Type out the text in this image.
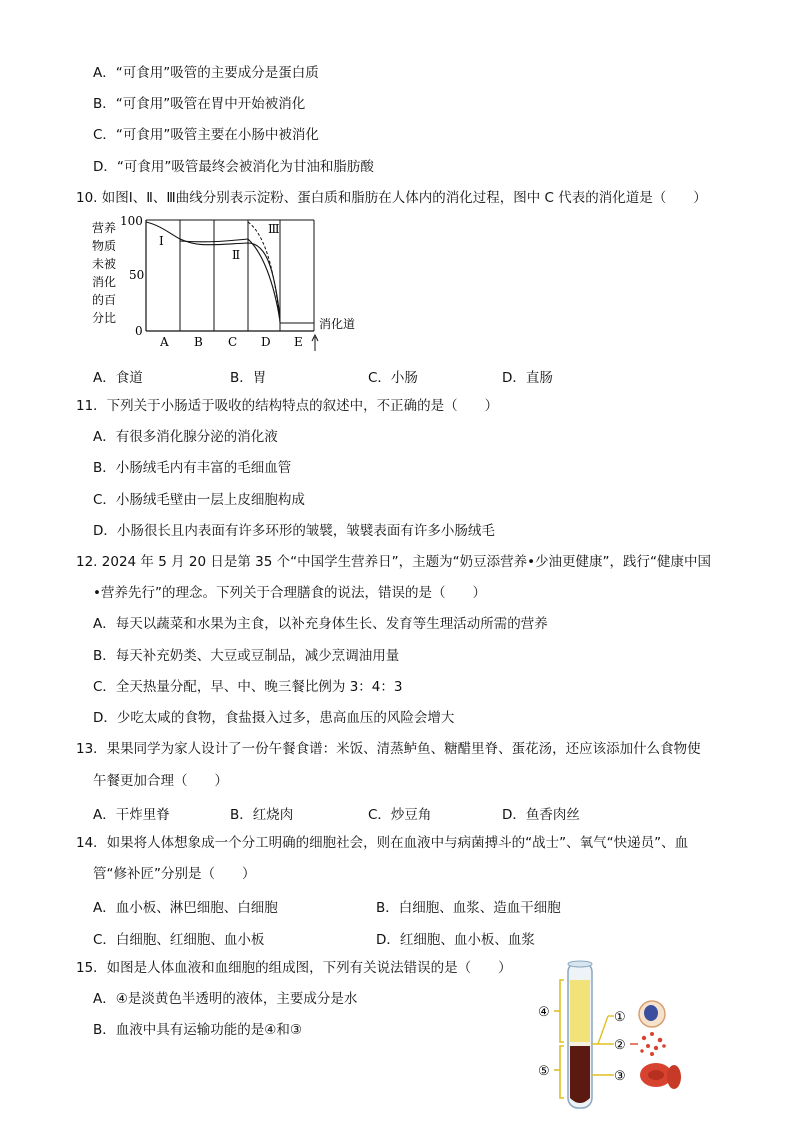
A．“可食用”吸管的主要成分是蛋白质
B．“可食用”吸管在胃中开始被消化
C．“可食用”吸管主要在小肠中被消化
D．“可食用”吸管最终会被消化为甘油和脂肪酸
10. 如图Ⅰ、Ⅱ、Ⅲ曲线分别表示淀粉、蛋白质和脂肪在人体内的消化过程，图中 C 代表的消化道是（　　）
营养
物质
未被
消化
的百
分比
100
50
0
I
Ⅱ
Ⅲ
A B C D E
消化道
A．食道	B．胃	C．小肠	D．直肠
11．下列关于小肠适于吸收的结构特点的叙述中，不正确的是（　　）
A．有很多消化腺分泌的消化液
B．小肠绒毛内有丰富的毛细血管
C．小肠绒毛壁由一层上皮细胞构成
D．小肠很长且内表面有许多环形的皱襞，皱襞表面有许多小肠绒毛
12. 2024 年 5 月 20 日是第 35 个“中国学生营养日”，主题为“奶豆添营养•少油更健康”，践行“健康中国
•营养先行”的理念。下列关于合理膳食的说法，错误的是（　　）
A．每天以蔬菜和水果为主食，以补充身体生长、发育等生理活动所需的营养
B．每天补充奶类、大豆或豆制品，减少烹调油用量
C．全天热量分配，早、中、晚三餐比例为 3：4：3
D．少吃太咸的食物，食盐摄入过多，患高血压的风险会增大
13．果果同学为家人设计了一份午餐食谱：米饭、清蒸鲈鱼、糖醋里脊、蛋花汤，还应该添加什么食物使
午餐更加合理（　　）
A．干炸里脊	B．红烧肉	C．炒豆角	D．鱼香肉丝
14．如果将人体想象成一个分工明确的细胞社会，则在血液中与病菌搏斗的“战士”、氧气“快递员”、血
管“修补匠”分别是（　　）
A．血小板、淋巴细胞、白细胞	B．白细胞、血浆、造血干细胞
C．白细胞、红细胞、血小板	D．红细胞、血小板、血浆
15．如图是人体血液和血细胞的组成图，下列有关说法错误的是（　　）
A．④是淡黄色半透明的液体，主要成分是水
B．血液中具有运输功能的是④和③
④
⑤
①
②
③
